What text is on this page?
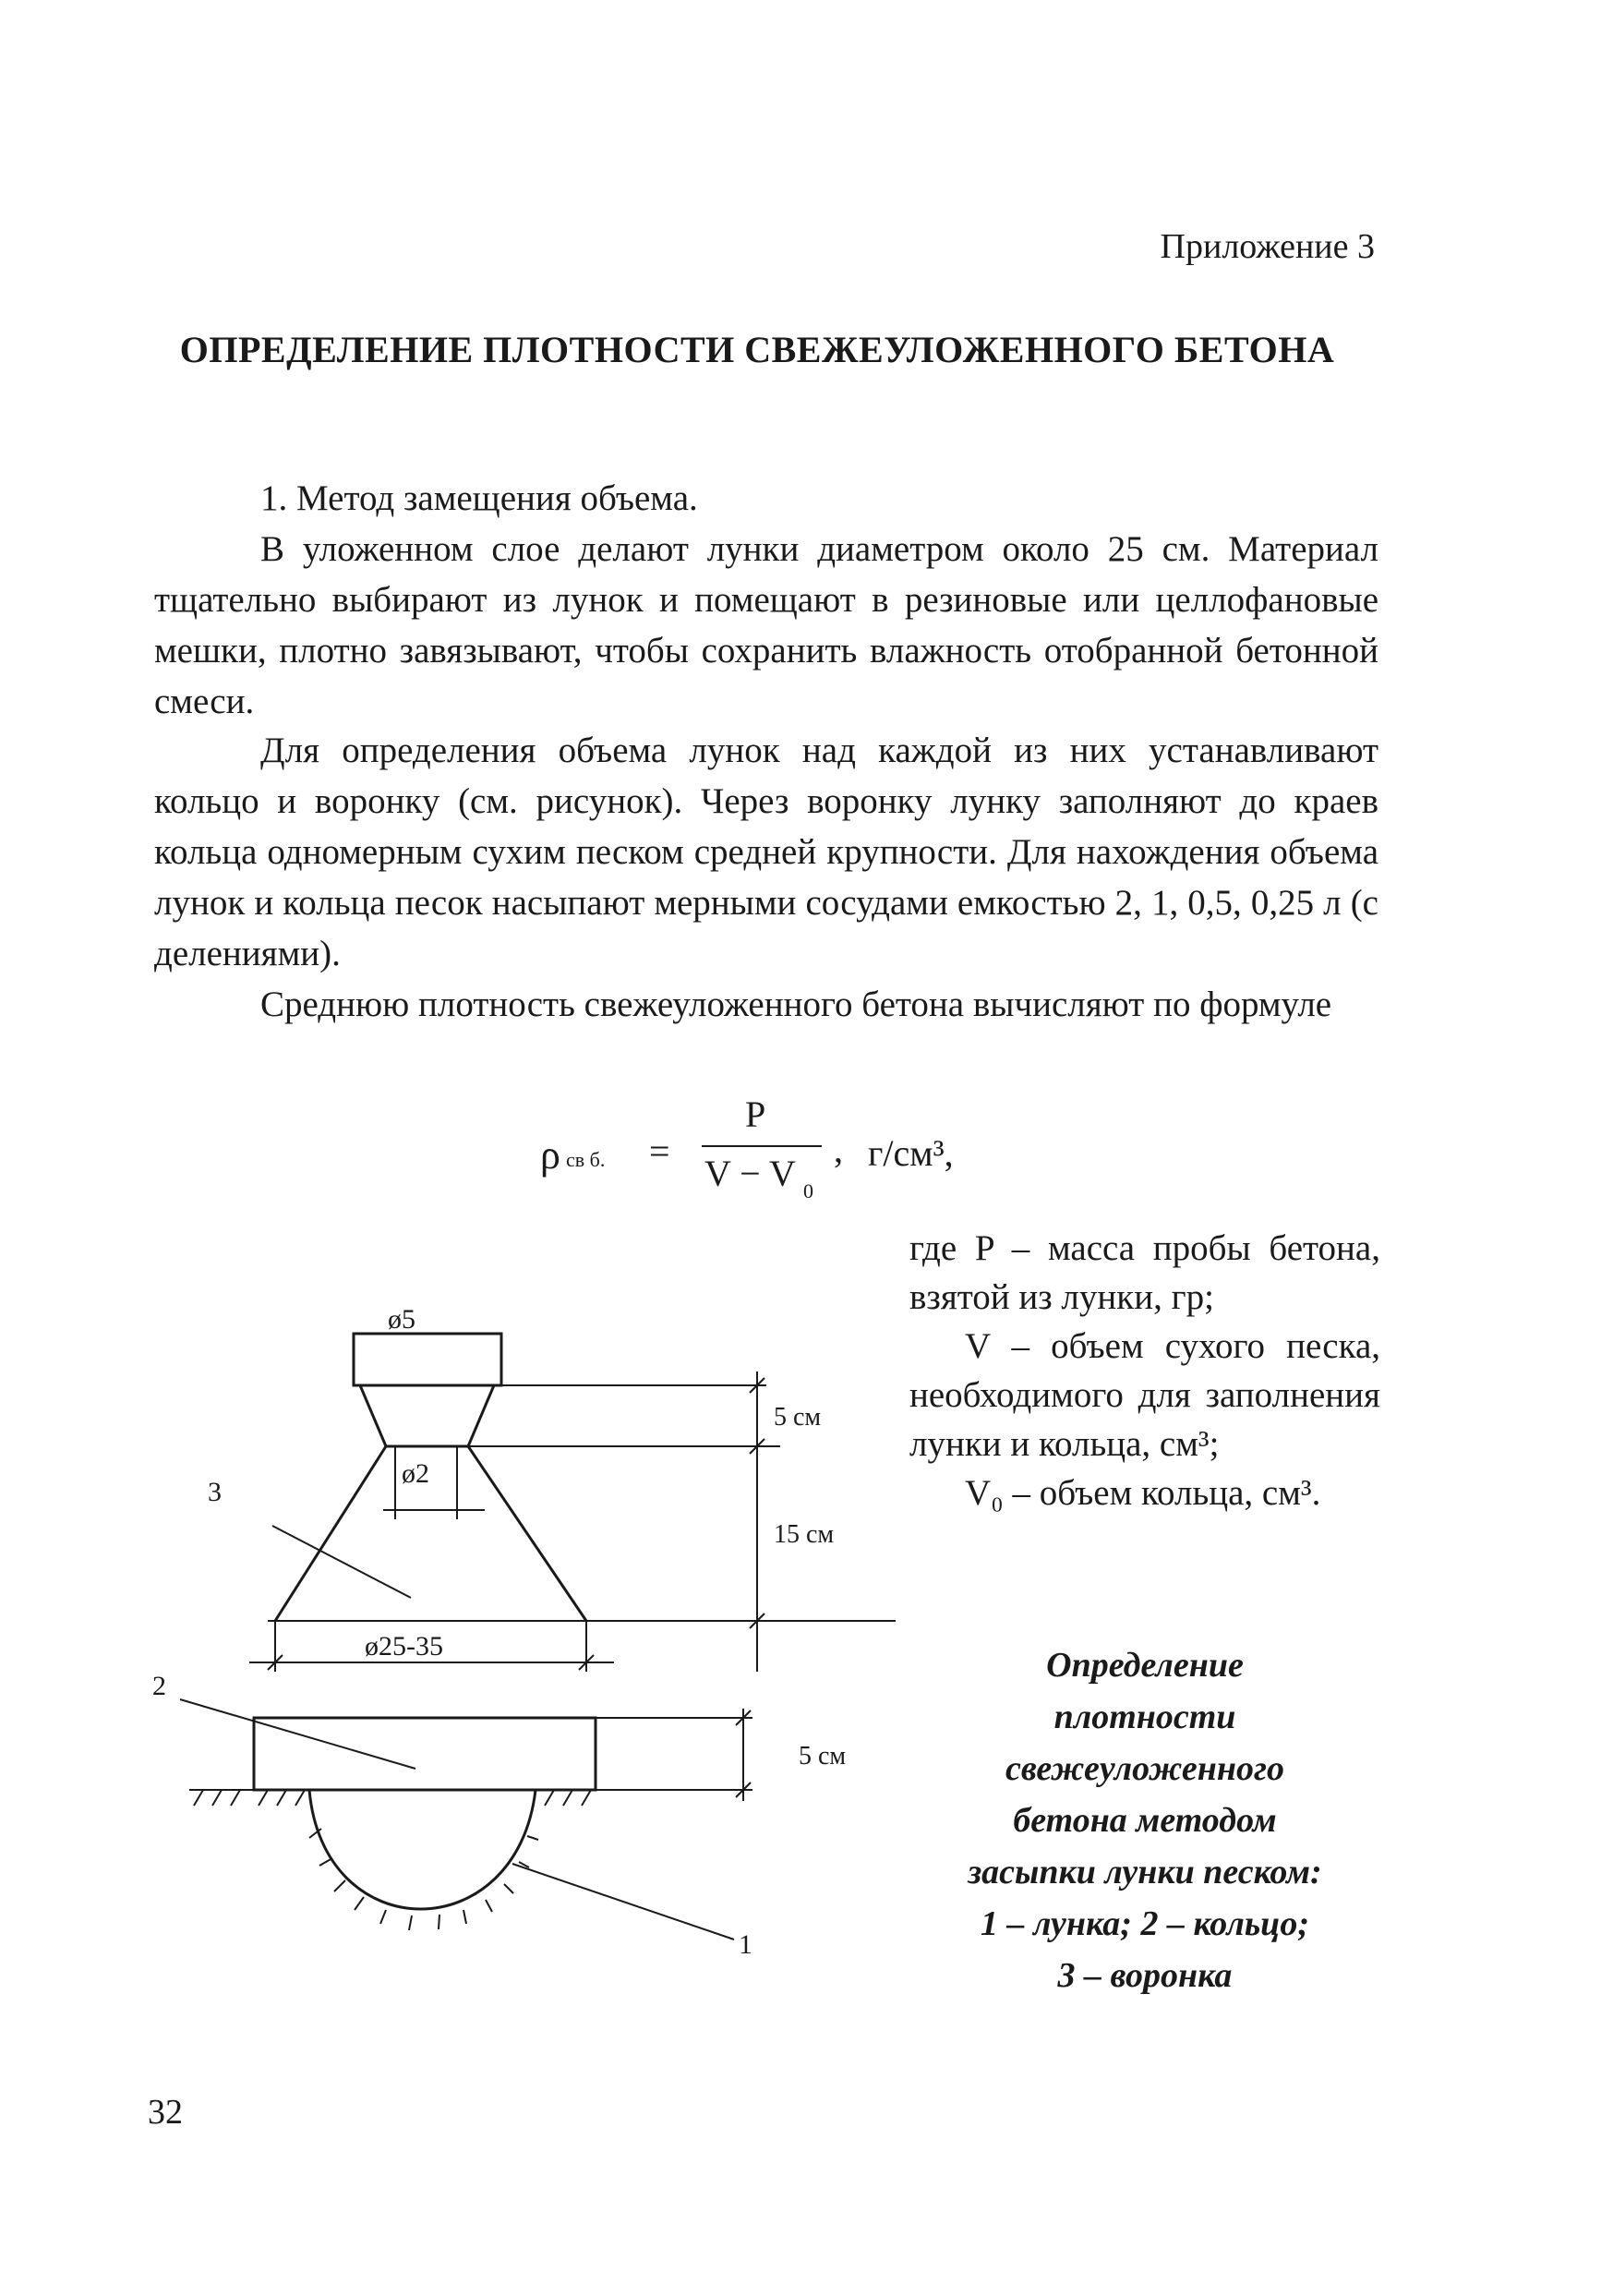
Приложение 3
ОПРЕДЕЛЕНИЕ ПЛОТНОСТИ СВЕЖЕУЛОЖЕННОГО БЕТОНА
1. Метод замещения объема.
В уложенном слое делают лунки диаметром около 25 см. Материал тщательно выбирают из лунок и помещают в резиновые или целлофановые мешки, плотно завязывают, чтобы сохранить влажность отобранной бетонной смеси.
Для определения объема лунок над каждой из них устанавливают кольцо и воронку (см. рисунок). Через воронку лунку заполняют до краев кольца одномерным сухим песком средней крупности. Для нахождения объема лунок и кольца песок насыпают мерными сосудами емкостью 2, 1, 0,5, 0,25 л (с делениями).
Среднюю плотность свежеуложенного бетона вычисляют по формуле
ρ св б. =
P
V − V 0
, г/см³,

где P – масса пробы бетона, взятой из лунки, гр;

V – объем сухого песка, необходимого для заполнения лунки и кольца, см³;

V₀ – объем кольца, см³.

ø5
ø2
ø25-35
5 см
15 см
5 см
3
2
1
Определение
плотности
свежеуложенного
бетона методом
засыпки лунки песком:
1 – лунка; 2 – кольцо;
3 – воронка
32
